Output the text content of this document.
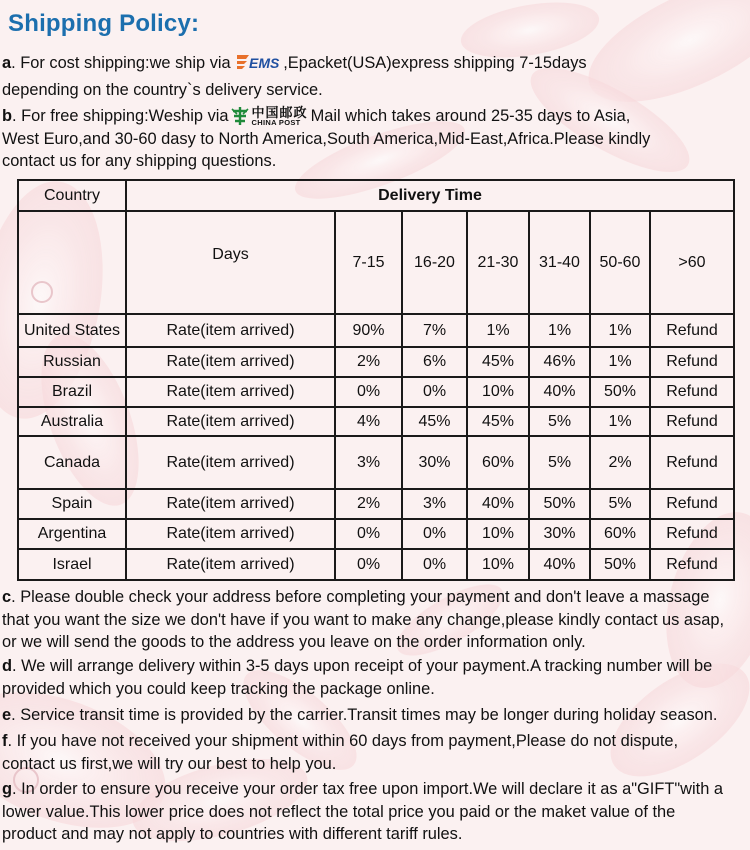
Shipping Policy:

a. For cost shipping:we ship via EMS ,Epacket(USA)express shipping 7-15days
depending on the country`s delivery service.

b. For free shipping:Weship via 中国邮政
CHINA POST Mail which takes around 25-35 days to Asia,
West Euro,and 30-60 dasy to North America,South America,Mid-East,Africa.Please kindly
contact us for any shipping questions.

Country	Delivery Time						
	Days	7-15	16-20	21-30	31-40	50-60	>60
United States	Rate(item arrived)	90%	7%	1%	1%	1%	Refund
Russian	Rate(item arrived)	2%	6%	45%	46%	1%	Refund
Brazil	Rate(item arrived)	0%	0%	10%	40%	50%	Refund
Australia	Rate(item arrived)	4%	45%	45%	5%	1%	Refund
Canada	Rate(item arrived)	3%	30%	60%	5%	2%	Refund
Spain	Rate(item arrived)	2%	3%	40%	50%	5%	Refund
Argentina	Rate(item arrived)	0%	0%	10%	30%	60%	Refund
Israel	Rate(item arrived)	0%	0%	10%	40%	50%	Refund

c. Please double check your address before completing your payment and don't leave a massage
that you want the size we don't have if you want to make any change,please kindly contact us asap,
or we will send the goods to the address you leave on the order information only.

d. We will arrange delivery within 3-5 days upon receipt of your payment.A tracking number will be
provided which you could keep tracking the package online.

e. Service transit time is provided by the carrier.Transit times may be longer during holiday season.

f. If you have not received your shipment within 60 days from payment,Please do not dispute,
contact us first,we will try our best to help you.

g. In order to ensure you receive your order tax free upon import.We will declare it as a"GIFT"with a
lower value.This lower price does not reflect the total price you paid or the maket value of the
product and may not apply to countries with different tariff rules.
